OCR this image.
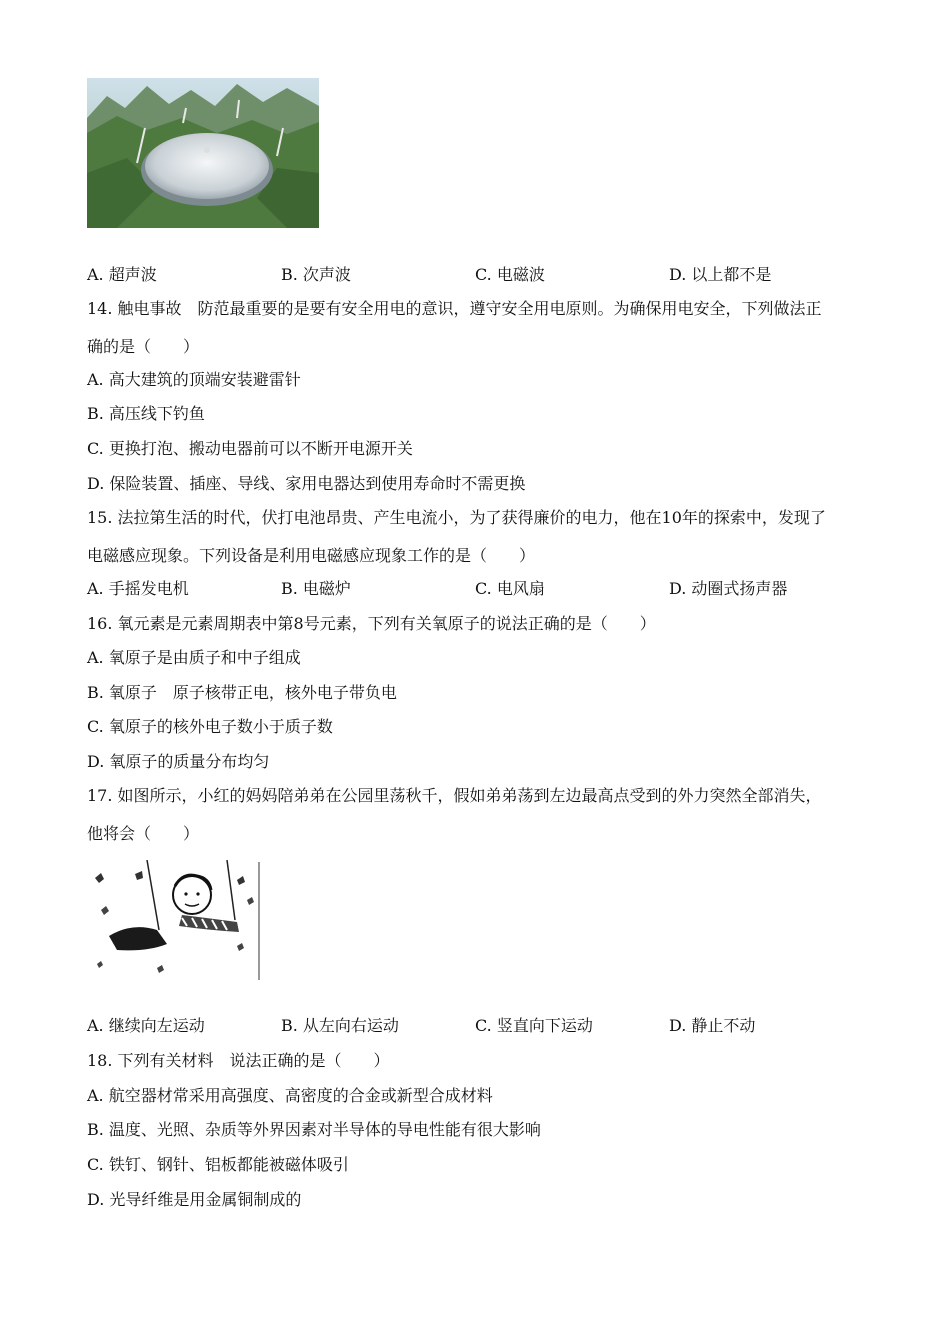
A. 超声波	B. 次声波	C. 电磁波	D. 以上都不是
14. 触电事故　防范最重要的是要有安全用电的意识，遵守安全用电原则。为确保用电安全，下列做法正
确的是（　　）
A. 高大建筑的顶端安装避雷针
B. 高压线下钓鱼
C. 更换打泡、搬动电器前可以不断开电源开关
D. 保险装置、插座、导线、家用电器达到使用寿命时不需更换
15. 法拉第生活的时代，伏打电池昂贵、产生电流小，为了获得廉价的电力，他在10年的探索中，发现了
电磁感应现象。下列设备是利用电磁感应现象工作的是（　　）
A. 手摇发电机	B. 电磁炉	C. 电风扇	D. 动圈式扬声器
16. 氧元素是元素周期表中第8号元素，下列有关氧原子的说法正确的是（　　）
A. 氧原子是由质子和中子组成
B. 氧原子　原子核带正电，核外电子带负电
C. 氧原子的核外电子数小于质子数
D. 氧原子的质量分布均匀
17. 如图所示，小红的妈妈陪弟弟在公园里荡秋千，假如弟弟荡到左边最高点受到的外力突然全部消失，
他将会（　　）
A. 继续向左运动	B. 从左向右运动	C. 竖直向下运动	D. 静止不动
18. 下列有关材料　说法正确的是（　　）
A. 航空器材常采用高强度、高密度的合金或新型合成材料
B. 温度、光照、杂质等外界因素对半导体的导电性能有很大影响
C. 铁钉、钢针、铝板都能被磁体吸引
D. 光导纤维是用金属铜制成的
